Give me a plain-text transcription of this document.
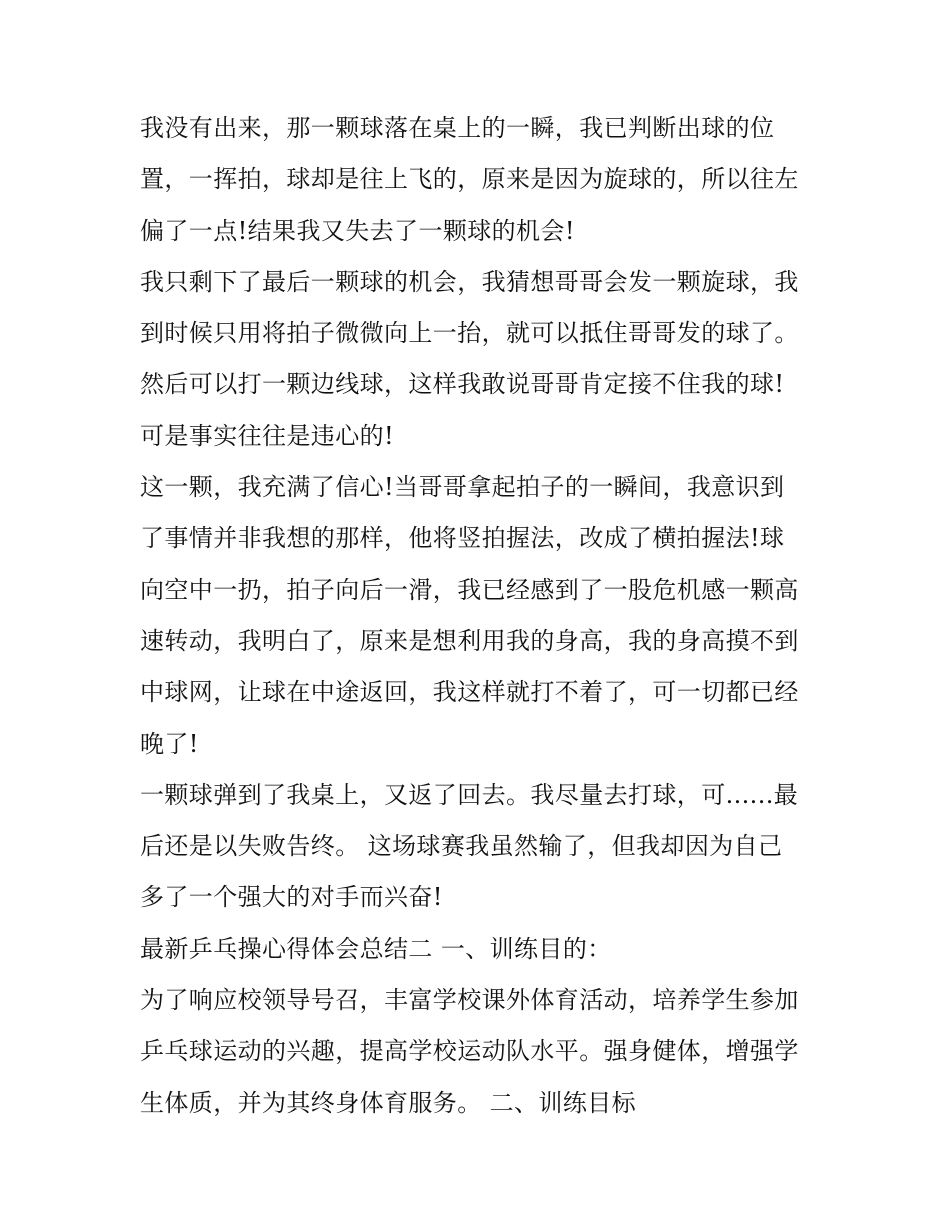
我没有出来，那一颗球落在桌上的一瞬，我已判断出球的位
置，一挥拍，球却是往上飞的，原来是因为旋球的，所以往左
偏了一点!结果我又失去了一颗球的机会!
我只剩下了最后一颗球的机会，我猜想哥哥会发一颗旋球，我
到时候只用将拍子微微向上一抬，就可以抵住哥哥发的球了。
然后可以打一颗边线球，这样我敢说哥哥肯定接不住我的球!
可是事实往往是违心的!
这一颗，我充满了信心!当哥哥拿起拍子的一瞬间，我意识到
了事情并非我想的那样，他将竖拍握法，改成了横拍握法!球
向空中一扔，拍子向后一滑，我已经感到了一股危机感一颗高
速转动，我明白了，原来是想利用我的身高，我的身高摸不到
中球网，让球在中途返回，我这样就打不着了，可一切都已经
晚了!
一颗球弹到了我桌上，又返了回去。我尽量去打球，可......最
后还是以失败告终。 这场球赛我虽然输了，但我却因为自己
多了一个强大的对手而兴奋!
最新乒乓操心得体会总结二 一、训练目的：
为了响应校领导号召，丰富学校课外体育活动，培养学生参加
乒乓球运动的兴趣，提高学校运动队水平。强身健体，增强学
生体质，并为其终身体育服务。 二、训练目标
